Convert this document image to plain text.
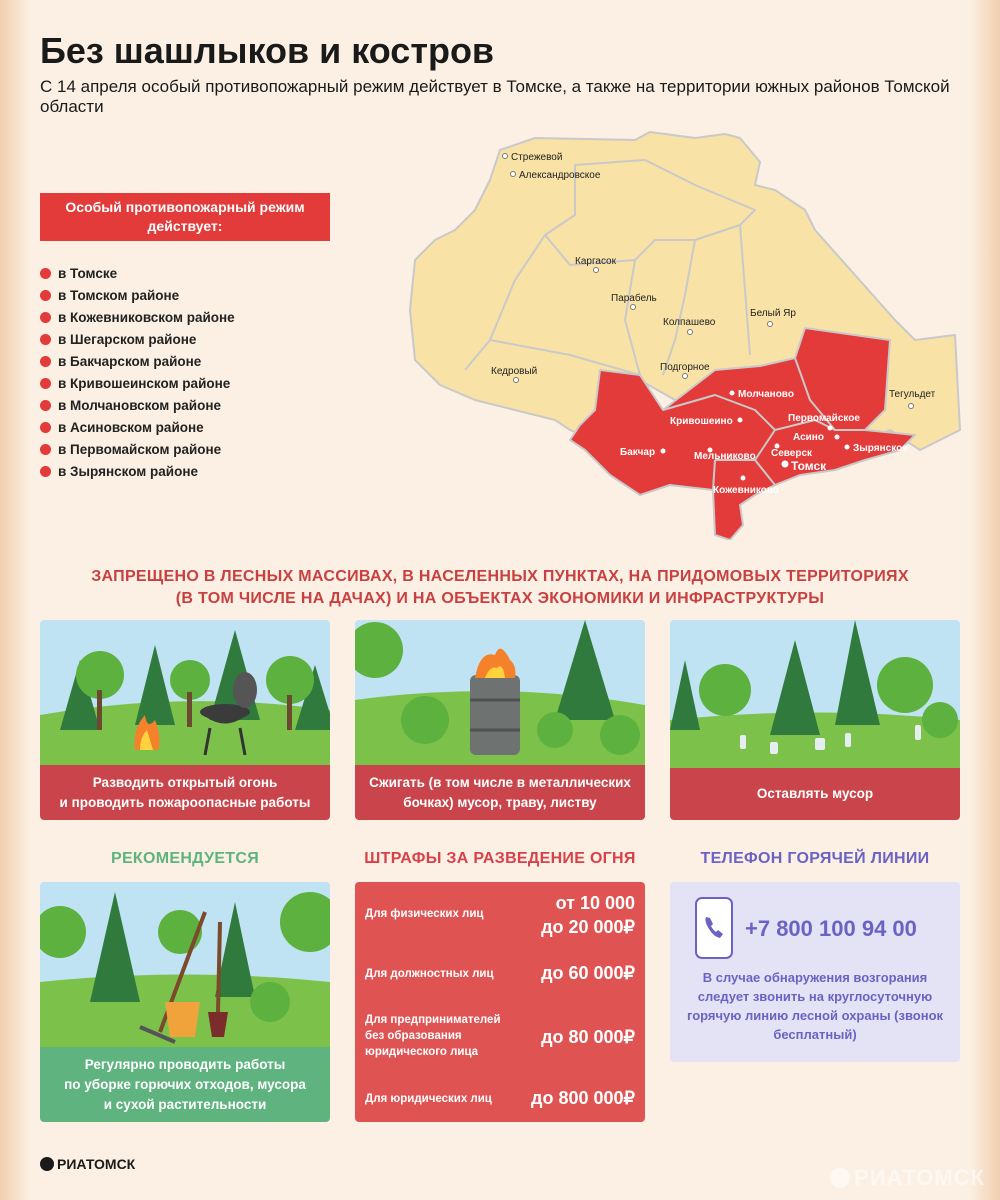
Без шашлыков и костров
С 14 апреля особый противопожарный режим действует в Томске, а также на территории южных районов Томской области
Стрежевой
Александровское
Каргасок
Парабель
Колпашево
Белый Яр
Кедровый	Подгорное
Тегульдет
Молчаново
Первомайское
Кривошеино
Асино
Зырянское
Бакчар	Северск
Мельниково
Томск
Кожевниково
Особый противопожарный режим действует:
в Томске
в Томском районе
в Кожевниковском районе
в Шегарском районе
в Бакчарском районе
в Кривошеинском районе
в Молчановском районе
в Асиновском районе
в Первомайском районе
в Зырянском районе
ЗАПРЕЩЕНО В ЛЕСНЫХ МАССИВАХ, В НАСЕЛЕННЫХ ПУНКТАХ, НА ПРИДОМОВЫХ ТЕРРИТОРИЯХ
(В ТОМ ЧИСЛЕ НА ДАЧАХ) И НА ОБЪЕКТАХ ЭКОНОМИКИ И ИНФРАСТРУКТУРЫ
Разводить открытый огонь
и проводить пожароопасные работы
Сжигать (в том числе в металлических
бочках) мусор, траву, листву
Оставлять мусор
РЕКОМЕНДУЕТСЯ	ШТРАФЫ ЗА РАЗВЕДЕНИЕ ОГНЯ	ТЕЛЕФОН ГОРЯЧЕЙ ЛИНИИ
Регулярно проводить работы
по уборке горючих отходов, мусора
и сухой растительности
Для физических лиц
от 10 000
до 20 000₽
Для должностных лиц	до 60 000₽
Для предпринимателей
без образования
юридического лица
до 80 000₽
Для юридических лиц	до 800 000₽
+7 800 100 94 00
В случае обнаружения возгорания следует звонить на круглосуточную горячую линию лесной охраны (звонок бесплатный)
РИАТОМСК
РИАТОМСК
